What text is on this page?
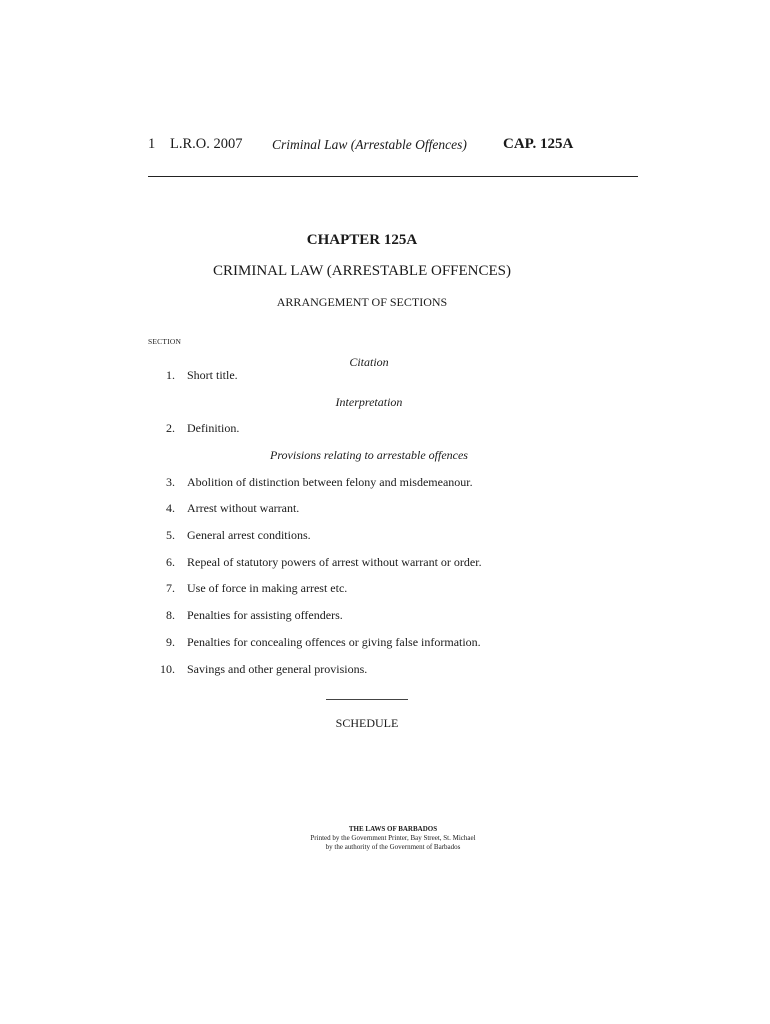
1 L.R.O. 2007 Criminal Law (Arrestable Offences) CAP. 125A
CHAPTER 125A
CRIMINAL LAW (ARRESTABLE OFFENCES)
ARRANGEMENT OF SECTIONS
SECTION
Citation
1. Short title.
Interpretation
2. Definition.
Provisions relating to arrestable offences
3. Abolition of distinction between felony and misdemeanour.
4. Arrest without warrant.
5. General arrest conditions.
6. Repeal of statutory powers of arrest without warrant or order.
7. Use of force in making arrest etc.
8. Penalties for assisting offenders.
9. Penalties for concealing offences or giving false information.
10. Savings and other general provisions.
SCHEDULE
THE LAWS OF BARBADOS
Printed by the Government Printer, Bay Street, St. Michael
by the authority of the Government of Barbados
